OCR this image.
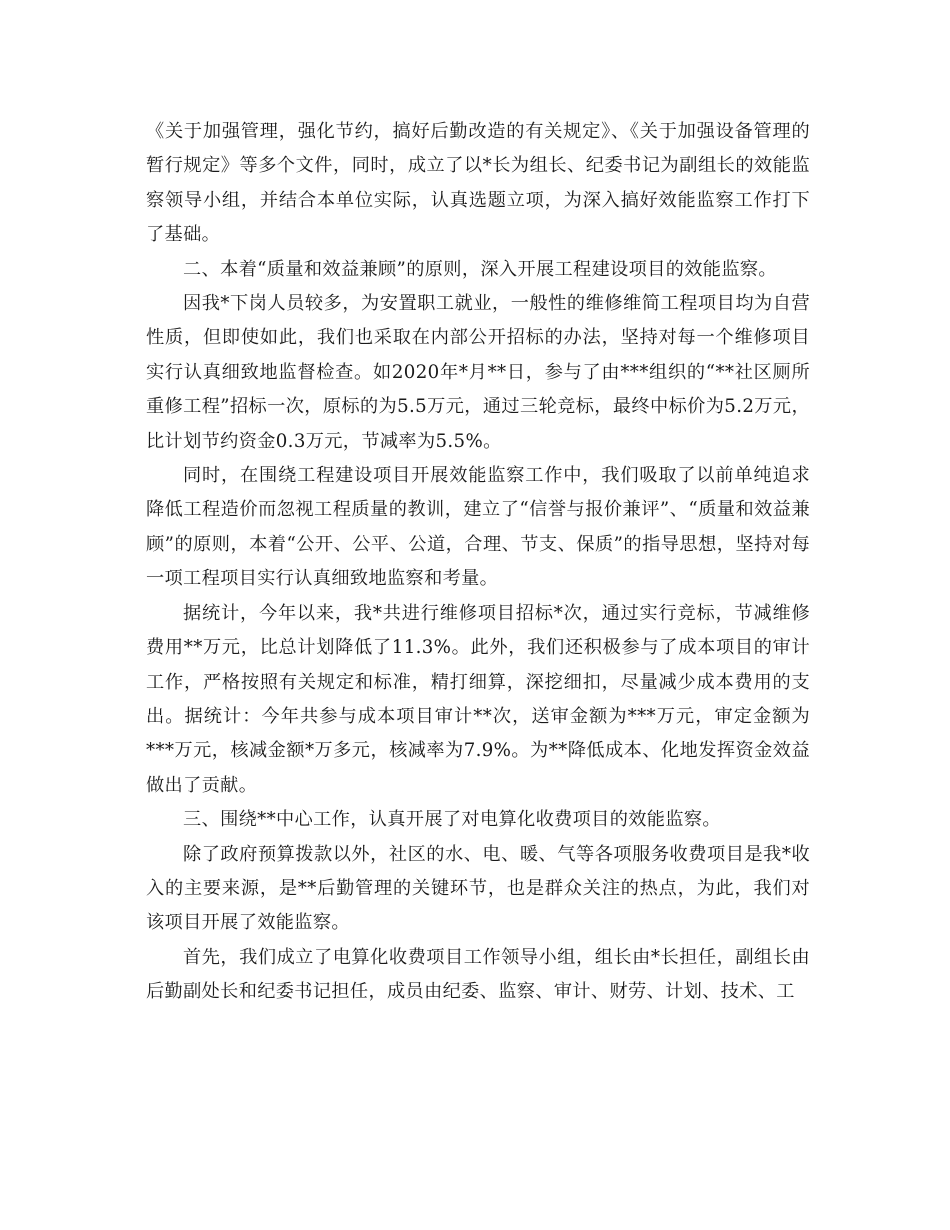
《关于加强管理，强化节约，搞好后勤改造的有关规定》、《关于加强设备管理的暂行规定》等多个文件，同时，成立了以*长为组长、纪委书记为副组长的效能监察领导小组，并结合本单位实际，认真选题立项，为深入搞好效能监察工作打下了基础。

二、本着“质量和效益兼顾”的原则，深入开展工程建设项目的效能监察。

因我*下岗人员较多，为安置职工就业，一般性的维修维简工程项目均为自营性质，但即使如此，我们也采取在内部公开招标的办法，坚持对每一个维修项目实行认真细致地监督检查。如2020年*月**日，参与了由***组织的“**社区厕所重修工程”招标一次，原标的为5.5万元，通过三轮竞标，最终中标价为5.2万元，比计划节约资金0.3万元，节减率为5.5%。

同时，在围绕工程建设项目开展效能监察工作中，我们吸取了以前单纯追求降低工程造价而忽视工程质量的教训，建立了“信誉与报价兼评”、“质量和效益兼顾”的原则，本着“公开、公平、公道，合理、节支、保质”的指导思想，坚持对每一项工程项目实行认真细致地监察和考量。

据统计，今年以来，我*共进行维修项目招标*次，通过实行竞标，节减维修费用**万元，比总计划降低了11.3%。此外，我们还积极参与了成本项目的审计工作，严格按照有关规定和标准，精打细算，深挖细扣，尽量减少成本费用的支出。据统计：今年共参与成本项目审计**次，送审金额为***万元，审定金额为***万元，核减金额*万多元，核减率为7.9%。为**降低成本、化地发挥资金效益做出了贡献。

三、围绕**中心工作，认真开展了对电算化收费项目的效能监察。

除了政府预算拨款以外，社区的水、电、暖、气等各项服务收费项目是我*收入的主要来源，是**后勤管理的关键环节，也是群众关注的热点，为此，我们对该项目开展了效能监察。

首先，我们成立了电算化收费项目工作领导小组，组长由*长担任，副组长由后勤副处长和纪委书记担任，成员由纪委、监察、审计、财劳、计划、技术、工
